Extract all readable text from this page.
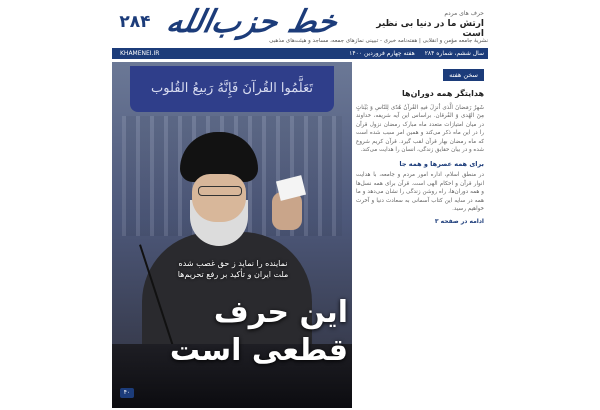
۲۸۴ خط حزب‌الله	حرف های مردم
ارتش ما در دنیا بی نظیر است
نشریهٔ جامعه مؤمن و انقلابی | هفته‌نامه خبری - تبیینی نمازهای جمعه، مساجد و هیئت‌های مذهبی
سال ششم، شماره ۲۸۴ هفته چهارم فروردین ۱۴۰۰
KHAMENEI.IR
تَعَلَّمُوا القُرآنَ فَإِنَّهُ رَبیعُ القُلوب
نماینده را نماید ز حق غصب شده
ملت ایران و تأکید بر رفع تحریم‌ها
این حرف
قطعی است
۴۰
سخن هفته
هدایتگر همه دوران‌ها
شَهرُ رَمَضانَ الَّذی اُنزِلَ فیهِ القُرآنُ هُدًی لِلنّاسِ وَ بَیِّناتٍ مِنَ الهُدی وَ الفُرقان. براساس این آیه شریفه، خداوند در میان امتیازات متعدد ماه مبارک رمضان نزول قرآن را در این ماه ذکر می‌کند و همین امر سبب شده است که ماه رمضان بهار قرآن لقب گیرد. قرآن کریم شروع شده و در بیان حقایق زندگی، انسان را هدایت می‌کند.
برای همه عصرها و همه جا
در منطق اسلام، اداره امور مردم و جامعه، با هدایت انوار قرآن و احکام الهی است. قرآن برای همه نسل‌ها و همه دوران‌ها، راه روشن زندگی را نشان می‌دهد و ما همه در سایه این کتاب آسمانی به سعادت دنیا و آخرت خواهیم رسید.
ادامه در صفحه ۳
